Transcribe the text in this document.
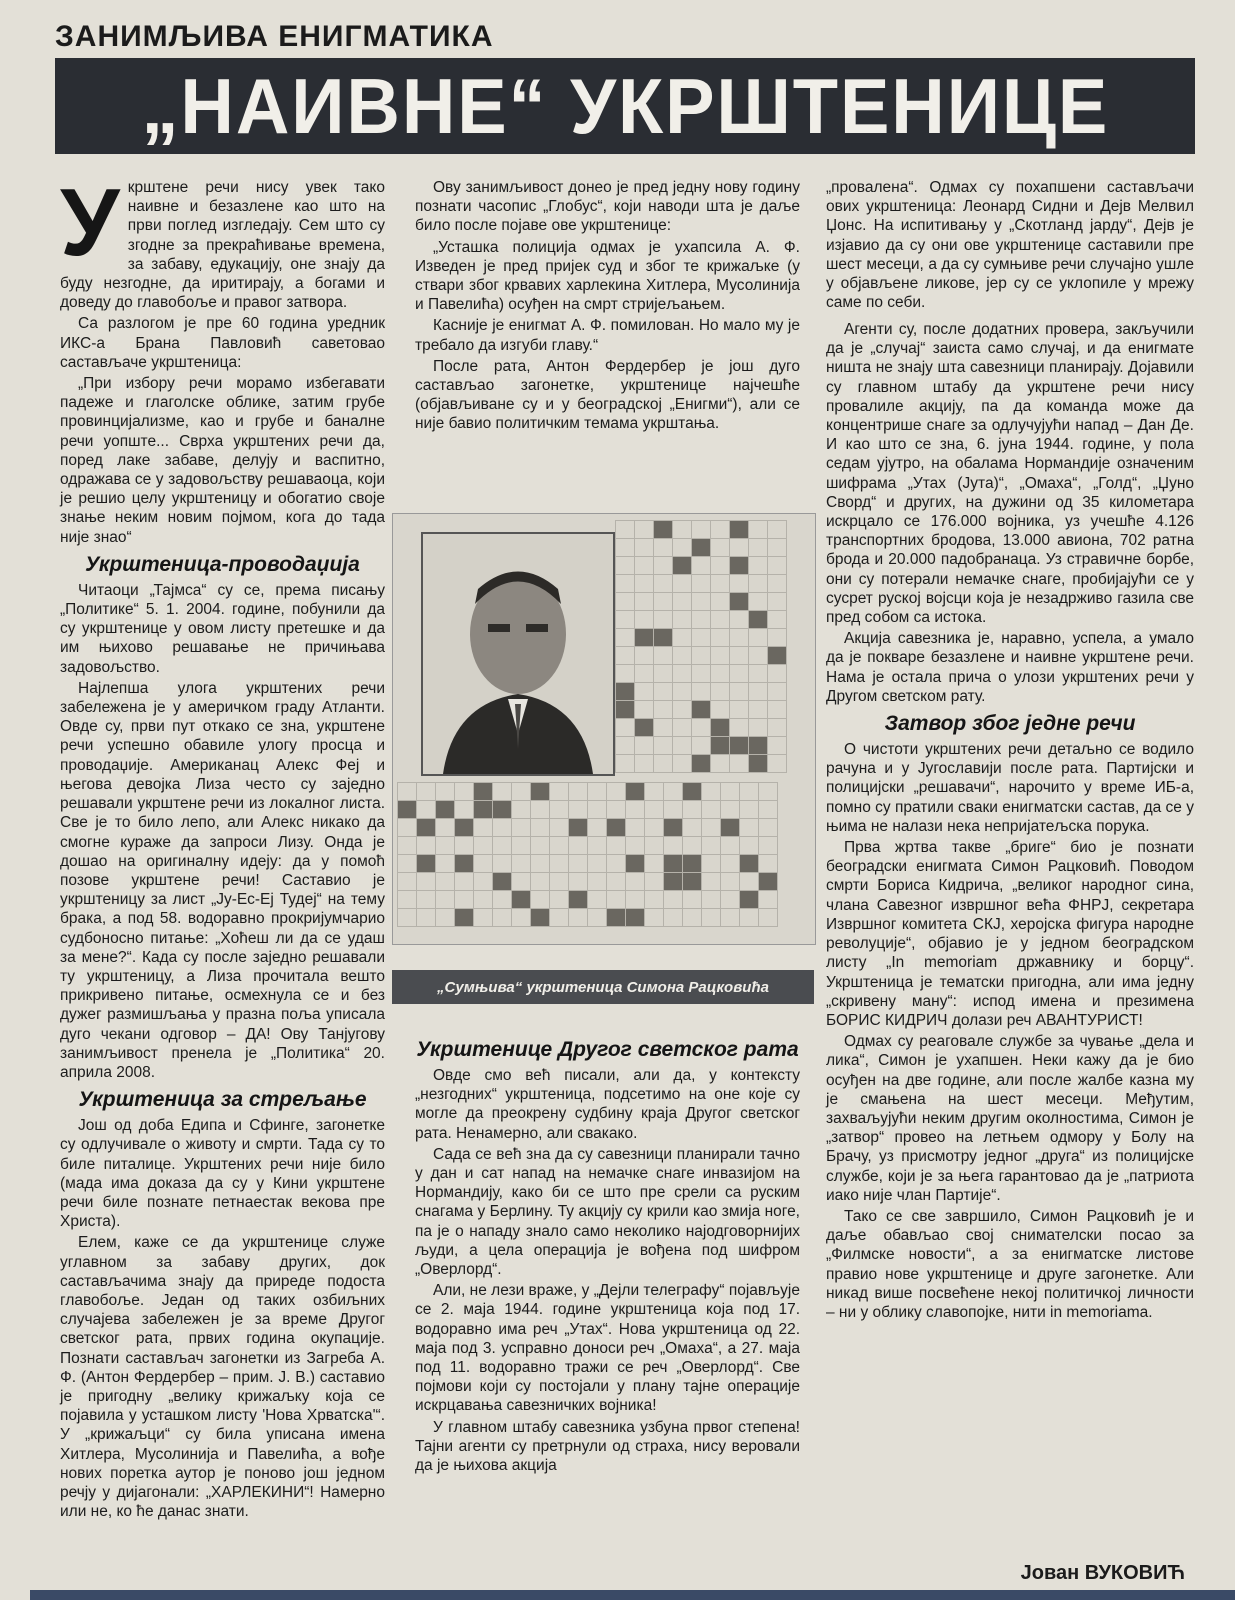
ЗАНИМЉИВА ЕНИГМАТИКА
„НАИВНЕ“ УКРШТЕНИЦЕ
У крштене речи нису увек тако наивне и безазлене као што на први поглед изгледају. Сем што су згодне за прекраћивање времена, за забаву, едукацију, оне знају да буду незгодне, да иритирају, а богами и доведу до главобоље и правог затвора.

Са разлогом је пре 60 година уредник ИКС-а Брана Павловић саветовао састављаче укрштеница:

„При избору речи морамо избегавати падеже и глаголске облике, затим грубе провинцијализме, као и грубе и баналне речи уопште... Сврха укрштених речи да, поред лаке забаве, делују и васпитно, одражава се у задовољству решаваоца, који је решио целу укрштеницу и обогатио своје знање неким новим појмом, кога до тада није знао“

Укрштеница-проводаџија

Читаоци „Тајмса“ су се, према писању „Политике“ 5. 1. 2004. године, побунили да су укрштенице у овом листу претешке и да им њихово решавање не причињава задовољство.

Најлепша улога укрштених речи забележена је у америчком граду Атланти. Овде су, први пут откако се зна, укрштене речи успешно обавиле улогу просца и проводаџије. Американац Алекс Феј и његова девојка Лиза често су заједно решавали укрштене речи из локалног листа. Све је то било лепо, али Алекс никако да смогне кураже да запроси Лизу. Онда је дошао на оригиналну идеју: да у помоћ позове укрштене речи! Саставио је укрштеницу за лист „Ју-Ес-Еј Тудеј“ на тему брака, а под 58. водоравно прокријумчарио судбоносно питање: „Хоћеш ли да се удаш за мене?“. Када су после заједно решавали ту укрштеницу, а Лиза прочитала вешто прикривено питање, осмехнула се и без дужег размишљања у празна поља уписала дуго чекани одговор – ДА! Ову Танјугову занимљивост пренела је „Политика“ 20. априла 2008.

Укрштеница за стрељање

Још од доба Едипа и Сфинге, загонетке су одлучивале о животу и смрти. Тада су то биле питалице. Укрштених речи није било (мада има доказа да су у Кини укрштене речи биле познате петнаестак векова пре Христа).

Елем, каже се да укрштенице служе углавном за забаву других, док састављачима знају да приреде подоста главобоље. Један од таких озбиљних случајева забележен је за време Другог светског рата, првих година окупације. Познати састављач загонетки из Загреба А. Ф. (Антон Фердербер – прим. Ј. В.) саставио је пригодну „велику крижаљку која се појавила у усташком листу 'Нова Хрватска'“. У „крижаљци“ су била уписана имена Хитлера, Мусолинија и Павелића, а вође нових поретка аутор је поново још једном речју у дијагонали: „ХАРЛЕКИНИ“! Намерно или не, ко ће данас знати.

Ову занимљивост донео је пред једну нову годину познати часопис „Глобус“, који наводи шта је даље било после појаве ове укрштенице:

„Усташка полиција одмах је ухапсила А. Ф. Изведен је пред пријек суд и због те крижаљке (у ствари због крвавих харлекина Хитлера, Мусолинија и Павелића) осуђен на смрт стријељањем.

Касније је енигмат А. Ф. помилован. Но мало му је требало да изгуби главу.“

После рата, Антон Фердербер је још дуго састављао загонетке, укрштенице најчешће (објављиване су и у београдској „Енигми“), али се није бавио политичким темама укрштања.

„Сумњива“ укрштеница Симона Рацковића
Укрштенице Другог светског рата

Овде смо већ писали, али да, у контексту „незгодних“ укрштеница, подсетимо на оне које су могле да преокрену судбину краја Другог светског рата. Ненамерно, али свакако.

Сада се већ зна да су савезници планирали тачно у дан и сат напад на немачке снаге инвазијом на Нормандију, како би се што пре срели са руским снагама у Берлину. Ту акцију су крили као змија ноге, па је о нападу знало само неколико најодговорнијих људи, а цела операција је вођена под шифром „Оверлорд“.

Али, не лези враже, у „Дејли телеграфу“ појављује се 2. маја 1944. године укрштеница која под 17. водоравно има реч „Утах“. Нова укрштеница од 22. маја под 3. усправно доноси реч „Омаха“, а 27. маја под 11. водоравно тражи се реч „Оверлорд“. Све појмови који су постојали у плану тајне операције искрцавања савезничких војника!

У главном штабу савезника узбуна првог степена! Тајни агенти су претрнули од страха, нису веровали да је њихова акција

„провалена“. Одмах су похапшени састављачи ових укрштеница: Леонард Сидни и Дејв Мелвил Џонс. На испитивању у „Скотланд јарду“, Дејв је изјавио да су они ове укрштенице саставили пре шест месеци, а да су сумњиве речи случајно ушле у објављене ликове, јер су се уклопиле у мрежу саме по себи.

Агенти су, после додатних провера, закључили да је „случај“ заиста само случај, и да енигмате ништа не знају шта савезници планирају. Дојавили су главном штабу да укрштене речи нису провалиле акцију, па да команда може да концентрише снаге за одлучујући напад – Дан Де. И као што се зна, 6. јуна 1944. године, у пола седам ујутро, на обалама Нормандије означеним шифрама „Утах (Јута)“, „Омаха“, „Голд“, „Џуно Сворд“ и других, на дужини од 35 километара искрцало се 176.000 војника, уз учешће 4.126 транспортних бродова, 13.000 авиона, 702 ратна брода и 20.000 падобранаца. Уз стравичне борбе, они су потерали немачке снаге, пробијајући се у сусрет руској војсци која је незадрживо газила све пред собом са истока.

Акција савезника је, наравно, успела, а умало да је покваре безазлене и наивне укрштене речи. Нама је остала прича о улози укрштених речи у Другом светском рату.

Затвор због једне речи

О чистоти укрштених речи детаљно се водило рачуна и у Југославији после рата. Партијски и полицијски „решавачи“, нарочито у време ИБ-а, помно су пратили сваки енигматски састав, да се у њима не налази нека непријатељска порука.

Прва жртва такве „бриге“ био је познати београдски енигмата Симон Рацковић. Поводом смрти Бориса Кидрича, „великог народног сина, члана Савезног извршног већа ФНРЈ, секретара Извршног комитета СКЈ, херојска фигура народне револуције“, објавио је у једном београдском листу „In memoriam државнику и борцу“. Укрштеница је тематски пригодна, али има једну „скривену ману“: испод имена и презимена БОРИС КИДРИЧ долази реч АВАНТУРИСТ!

Одмах су реаговале службе за чување „дела и лика“, Симон је ухапшен. Неки кажу да је био осуђен на две године, али после жалбе казна му је смањена на шест месеци. Међутим, захваљујући неким другим околностима, Симон је „затвор“ провео на летњем одмору у Болу на Брачу, уз присмотру једног „друга“ из полицијске службе, који је за њега гарантовао да је „патриота иако није члан Партије“.

Тако се све завршило, Симон Рацковић је и даље обављао свој снимателски посао за „Филмске новости“, а за енигматске листове правио нове укрштенице и друге загонетке. Али никад више посвећене некој политичкој личности – ни у облику славопојке, нити in memoriama.

Јован ВУКОВИЋ
